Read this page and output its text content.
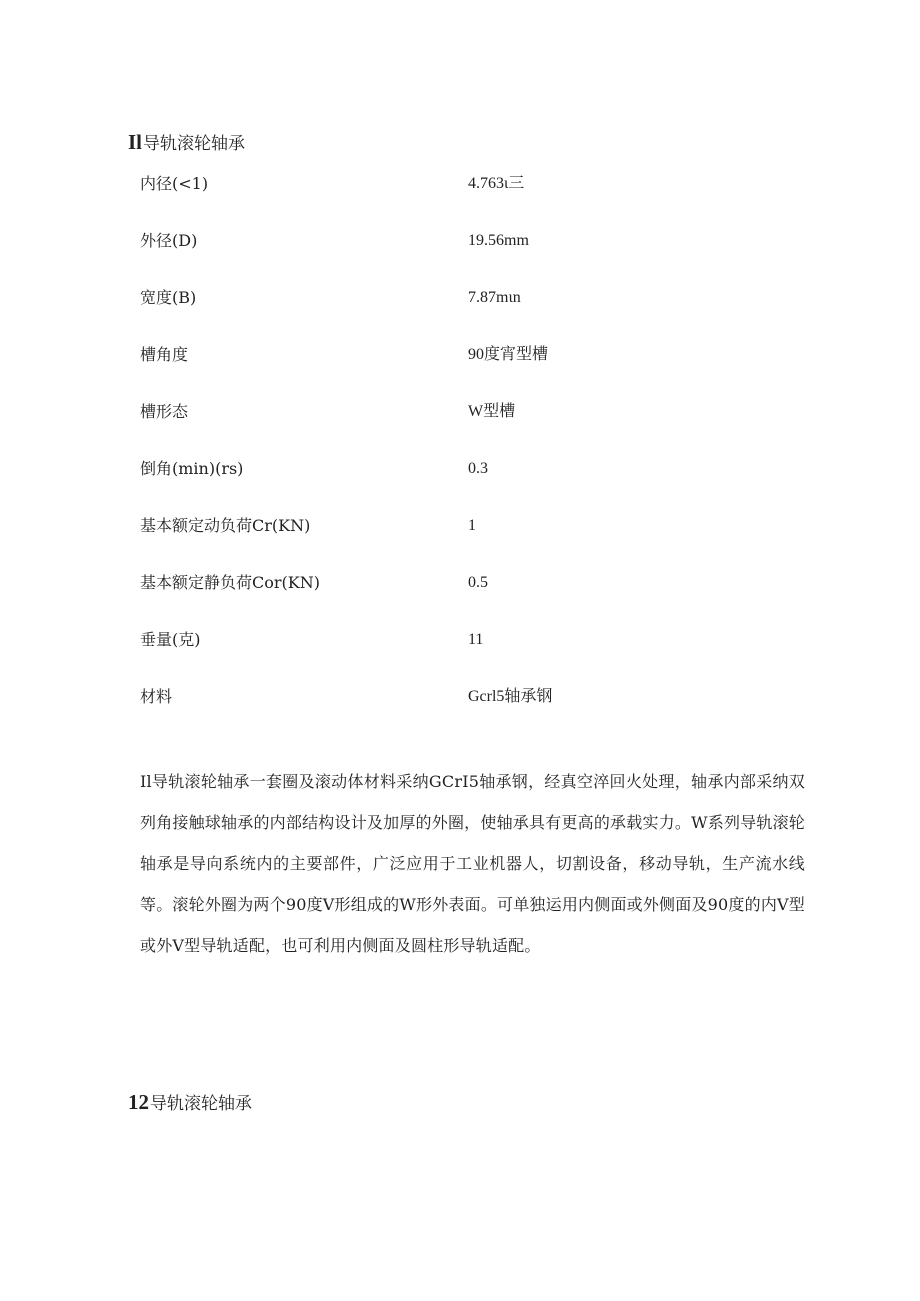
Il导轨滚轮轴承
内径(<1)	4.763ι三
外径(D)	19.56mm
宽度(B)	7.87mιn
槽角度	90度宵型槽
槽形态	W型槽
倒角(min)(rs)	0.3
基本额定动负荷Cr(KN)	1
基本额定静负荷Cor(KN)	0.5
垂量(克)	11
材料	Gcrl5轴承钢

Il导轨滚轮轴承一套圈及滚动体材料采纳GCrI5轴承钢，经真空淬回火处理，轴承内部采纳双列角接触球轴承的内部结构设计及加厚的外圈，使轴承具有更高的承载实力。W系列导轨滚轮轴承是导向系统内的主要部件，广泛应用于工业机器人，切割设备，移动导轨，生产流水线等。滚轮外圈为两个90度V形组成的W形外表面。可单独运用内侧面或外侧面及90度的内V型或外V型导轨适配，也可利用内侧面及圆柱形导轨适配。

12导轨滚轮轴承
